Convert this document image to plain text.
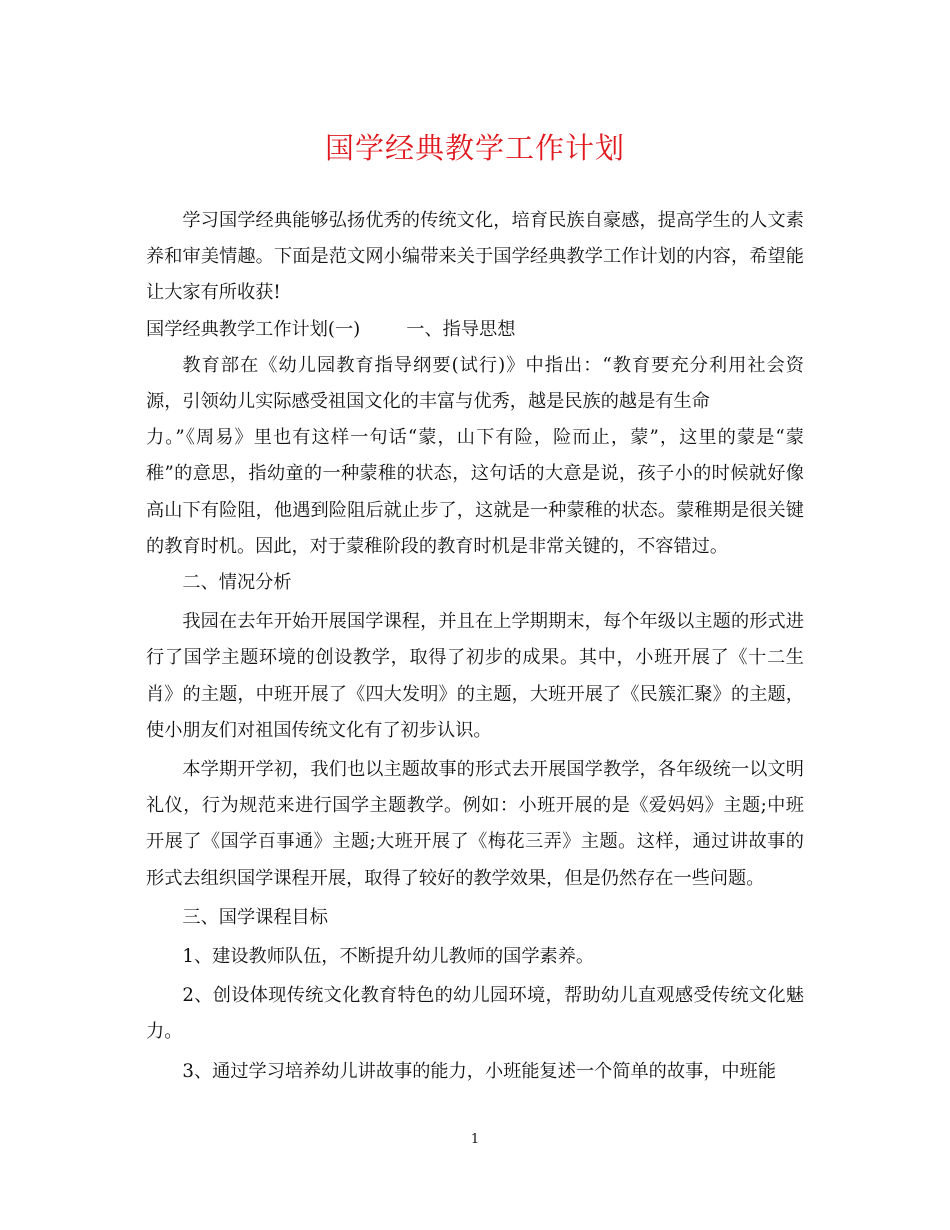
国学经典教学工作计划

学习国学经典能够弘扬优秀的传统文化，培育民族自豪感，提高学生的人文素养和审美情趣。下面是范文网小编带来关于国学经典教学工作计划的内容，希望能让大家有所收获!

国学经典教学工作计划(一)	一、指导思想

教育部在《幼儿园教育指导纲要(试行)》中指出：“教育要充分利用社会资源，引领幼儿实际感受祖国文化的丰富与优秀，越是民族的越是有生命
力。”《周易》里也有这样一句话“蒙，山下有险，险而止，蒙”，这里的蒙是“蒙稚”的意思，指幼童的一种蒙稚的状态，这句话的大意是说，孩子小的时候就好像高山下有险阻，他遇到险阻后就止步了，这就是一种蒙稚的状态。蒙稚期是很关键的教育时机。因此，对于蒙稚阶段的教育时机是非常关键的，不容错过。

二、情况分析

我园在去年开始开展国学课程，并且在上学期期末，每个年级以主题的形式进行了国学主题环境的创设教学，取得了初步的成果。其中，小班开展了《十二生肖》的主题，中班开展了《四大发明》的主题，大班开展了《民簇汇聚》的主题，使小朋友们对祖国传统文化有了初步认识。

本学期开学初，我们也以主题故事的形式去开展国学教学，各年级统一以文明礼仪，行为规范来进行国学主题教学。例如：小班开展的是《爱妈妈》主题;中班开展了《国学百事通》主题;大班开展了《梅花三弄》主题。这样，通过讲故事的形式去组织国学课程开展，取得了较好的教学效果，但是仍然存在一些问题。

三、国学课程目标

1、建设教师队伍，不断提升幼儿教师的国学素养。

2、创设体现传统文化教育特色的幼儿园环境，帮助幼儿直观感受传统文化魅力。

3、通过学习培养幼儿讲故事的能力，小班能复述一个简单的故事，中班能

1
